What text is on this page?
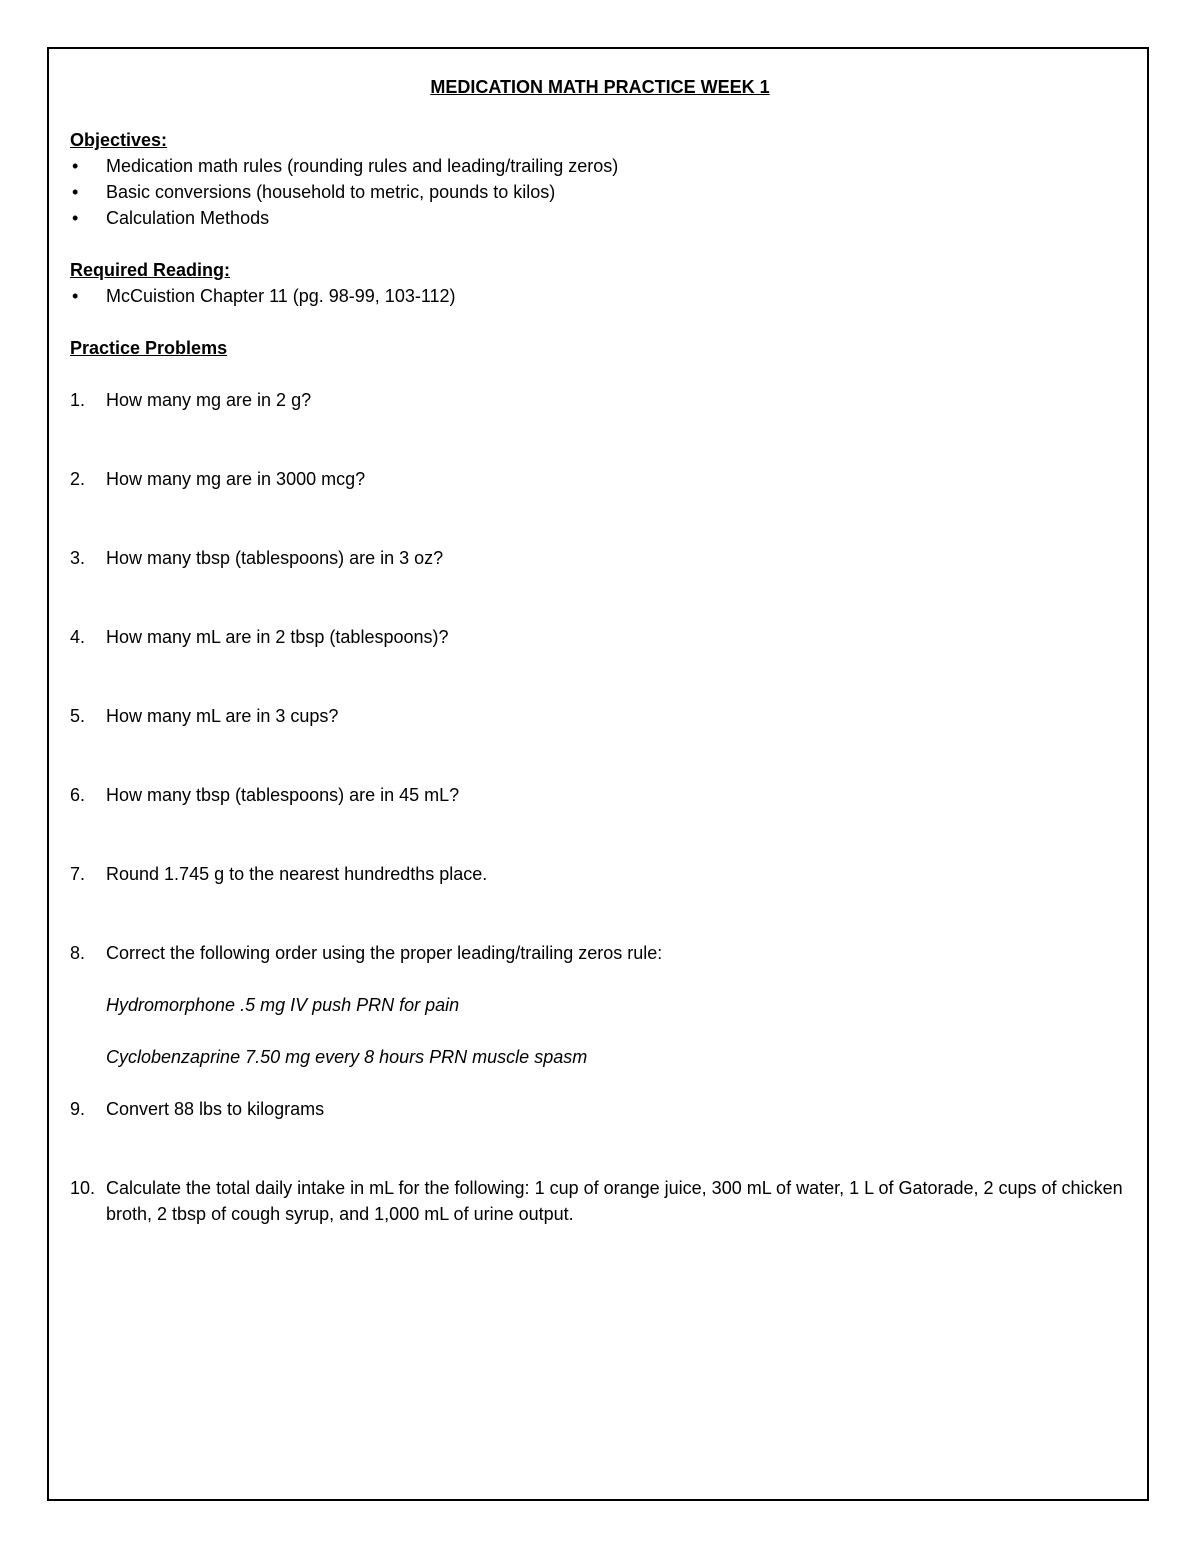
MEDICATION MATH PRACTICE WEEK 1
Objectives:
• Medication math rules (rounding rules and leading/trailing zeros)
• Basic conversions (household to metric, pounds to kilos)
• Calculation Methods
Required Reading:
• McCuistion Chapter 11 (pg. 98-99, 103-112)
Practice Problems
1. How many mg are in 2 g?
2. How many mg are in 3000 mcg?
3. How many tbsp (tablespoons) are in 3 oz?
4. How many mL are in 2 tbsp (tablespoons)?
5. How many mL are in 3 cups?
6. How many tbsp (tablespoons) are in 45 mL?
7. Round 1.745 g to the nearest hundredths place.
8. Correct the following order using the proper leading/trailing zeros rule:
Hydromorphone .5 mg IV push PRN for pain
Cyclobenzaprine 7.50 mg every 8 hours PRN muscle spasm
9. Convert 88 lbs to kilograms
10. Calculate the total daily intake in mL for the following: 1 cup of orange juice, 300 mL of water, 1 L of Gatorade, 2 cups of chicken broth, 2 tbsp of cough syrup, and 1,000 mL of urine output.
